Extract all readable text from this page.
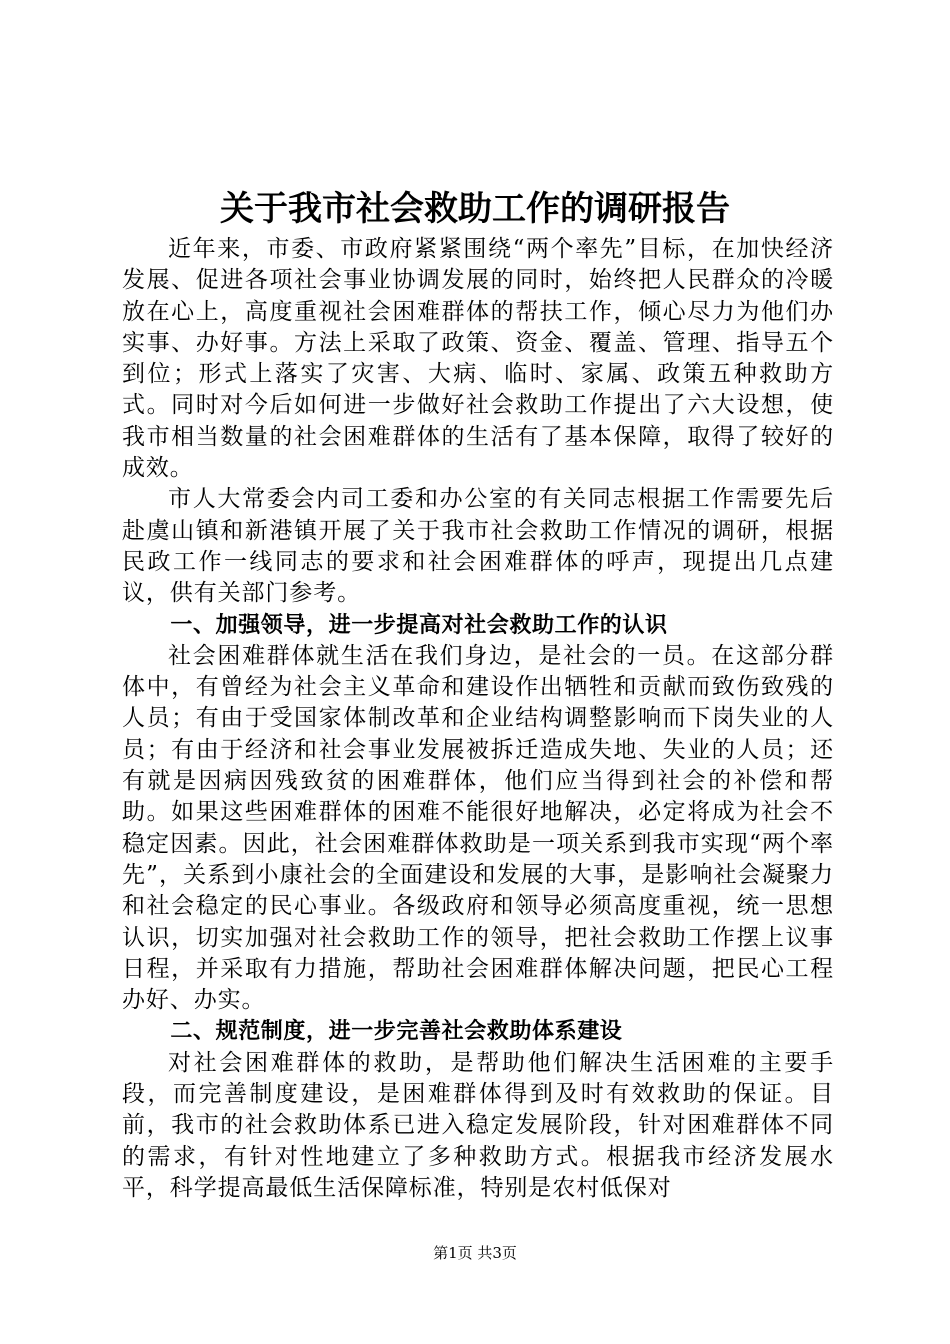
关于我市社会救助工作的调研报告

近年来，市委、市政府紧紧围绕“两个率先”目标，在加快经济发展、促进各项社会事业协调发展的同时，始终把人民群众的冷暖放在心上，高度重视社会困难群体的帮扶工作，倾心尽力为他们办实事、办好事。方法上采取了政策、资金、覆盖、管理、指导五个到位；形式上落实了灾害、大病、临时、家属、政策五种救助方式。同时对今后如何进一步做好社会救助工作提出了六大设想，使我市相当数量的社会困难群体的生活有了基本保障，取得了较好的成效。

市人大常委会内司工委和办公室的有关同志根据工作需要先后赴虞山镇和新港镇开展了关于我市社会救助工作情况的调研，根据民政工作一线同志的要求和社会困难群体的呼声，现提出几点建议，供有关部门参考。

一、加强领导，进一步提高对社会救助工作的认识

社会困难群体就生活在我们身边，是社会的一员。在这部分群体中，有曾经为社会主义革命和建设作出牺牲和贡献而致伤致残的人员；有由于受国家体制改革和企业结构调整影响而下岗失业的人员；有由于经济和社会事业发展被拆迁造成失地、失业的人员；还有就是因病因残致贫的困难群体，他们应当得到社会的补偿和帮助。如果这些困难群体的困难不能很好地解决，必定将成为社会不稳定因素。因此，社会困难群体救助是一项关系到我市实现“两个率先”，关系到小康社会的全面建设和发展的大事，是影响社会凝聚力和社会稳定的民心事业。各级政府和领导必须高度重视，统一思想认识，切实加强对社会救助工作的领导，把社会救助工作摆上议事日程，并采取有力措施，帮助社会困难群体解决问题，把民心工程办好、办实。

二、规范制度，进一步完善社会救助体系建设

对社会困难群体的救助，是帮助他们解决生活困难的主要手段，而完善制度建设，是困难群体得到及时有效救助的保证。目前，我市的社会救助体系已进入稳定发展阶段，针对困难群体不同的需求，有针对性地建立了多种救助方式。根据我市经济发展水平，科学提高最低生活保障标准，特别是农村低保对

第1页 共3页
